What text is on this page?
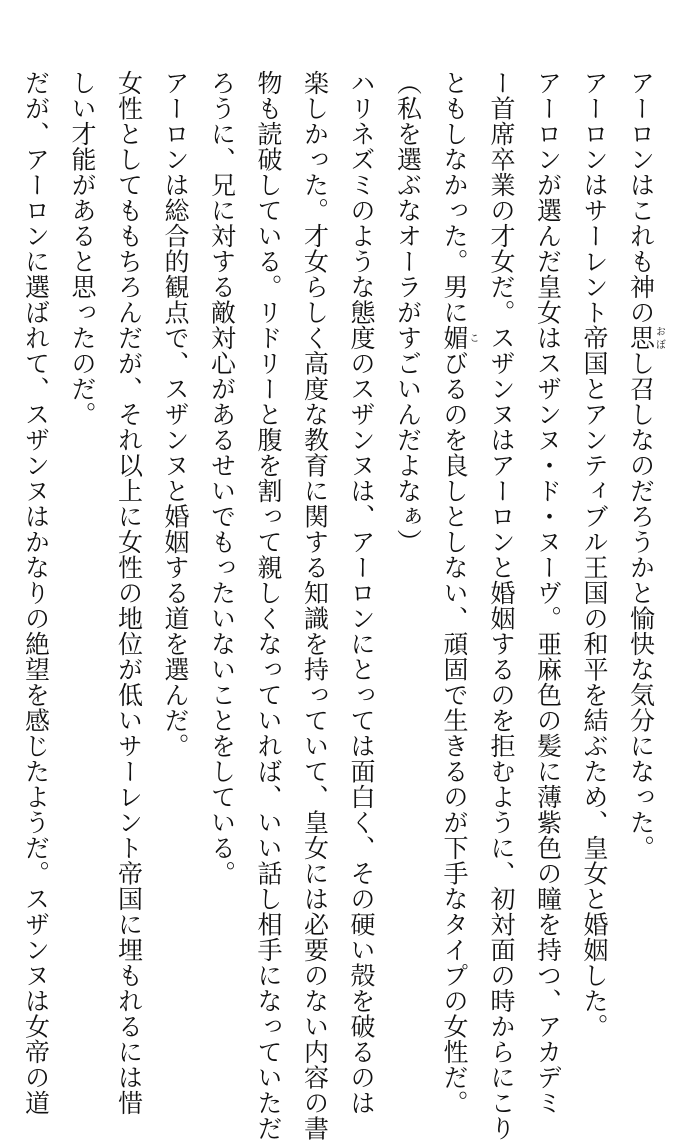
アーロンはこれも神の思おぼし召しなのだろうかと愉快な気分になった。
アーロンはサーレント帝国とアンティブル王国の和平を結ぶため、皇女と婚姻した。
アーロンが選んだ皇女はスザンヌ・ド・ヌーヴ。亜麻色の髪に薄紫色の瞳を持つ、アカデミ
ー首席卒業の才女だ。スザンヌはアーロンと婚姻するのを拒むように、初対面の時からにこり
ともしなかった。男に媚こびるのを良しとしない、頑固で生きるのが下手なタイプの女性だ。
（私を選ぶなオーラがすごいんだよなぁ）
ハリネズミのような態度のスザンヌは、アーロンにとっては面白く、その硬い殻を破るのは
楽しかった。才女らしく高度な教育に関する知識を持っていて、皇女には必要のない内容の書
物も読破している。リドリーと腹を割って親しくなっていれば、いい話し相手になっていただ
ろうに、兄に対する敵対心があるせいでもったいないことをしている。
アーロンは総合的観点で、スザンヌと婚姻する道を選んだ。
女性としてももちろんだが、それ以上に女性の地位が低いサーレント帝国に埋もれるには惜
しい才能があると思ったのだ。
だが、アーロンに選ばれて、スザンヌはかなりの絶望を感じたようだ。スザンヌは女帝の道
